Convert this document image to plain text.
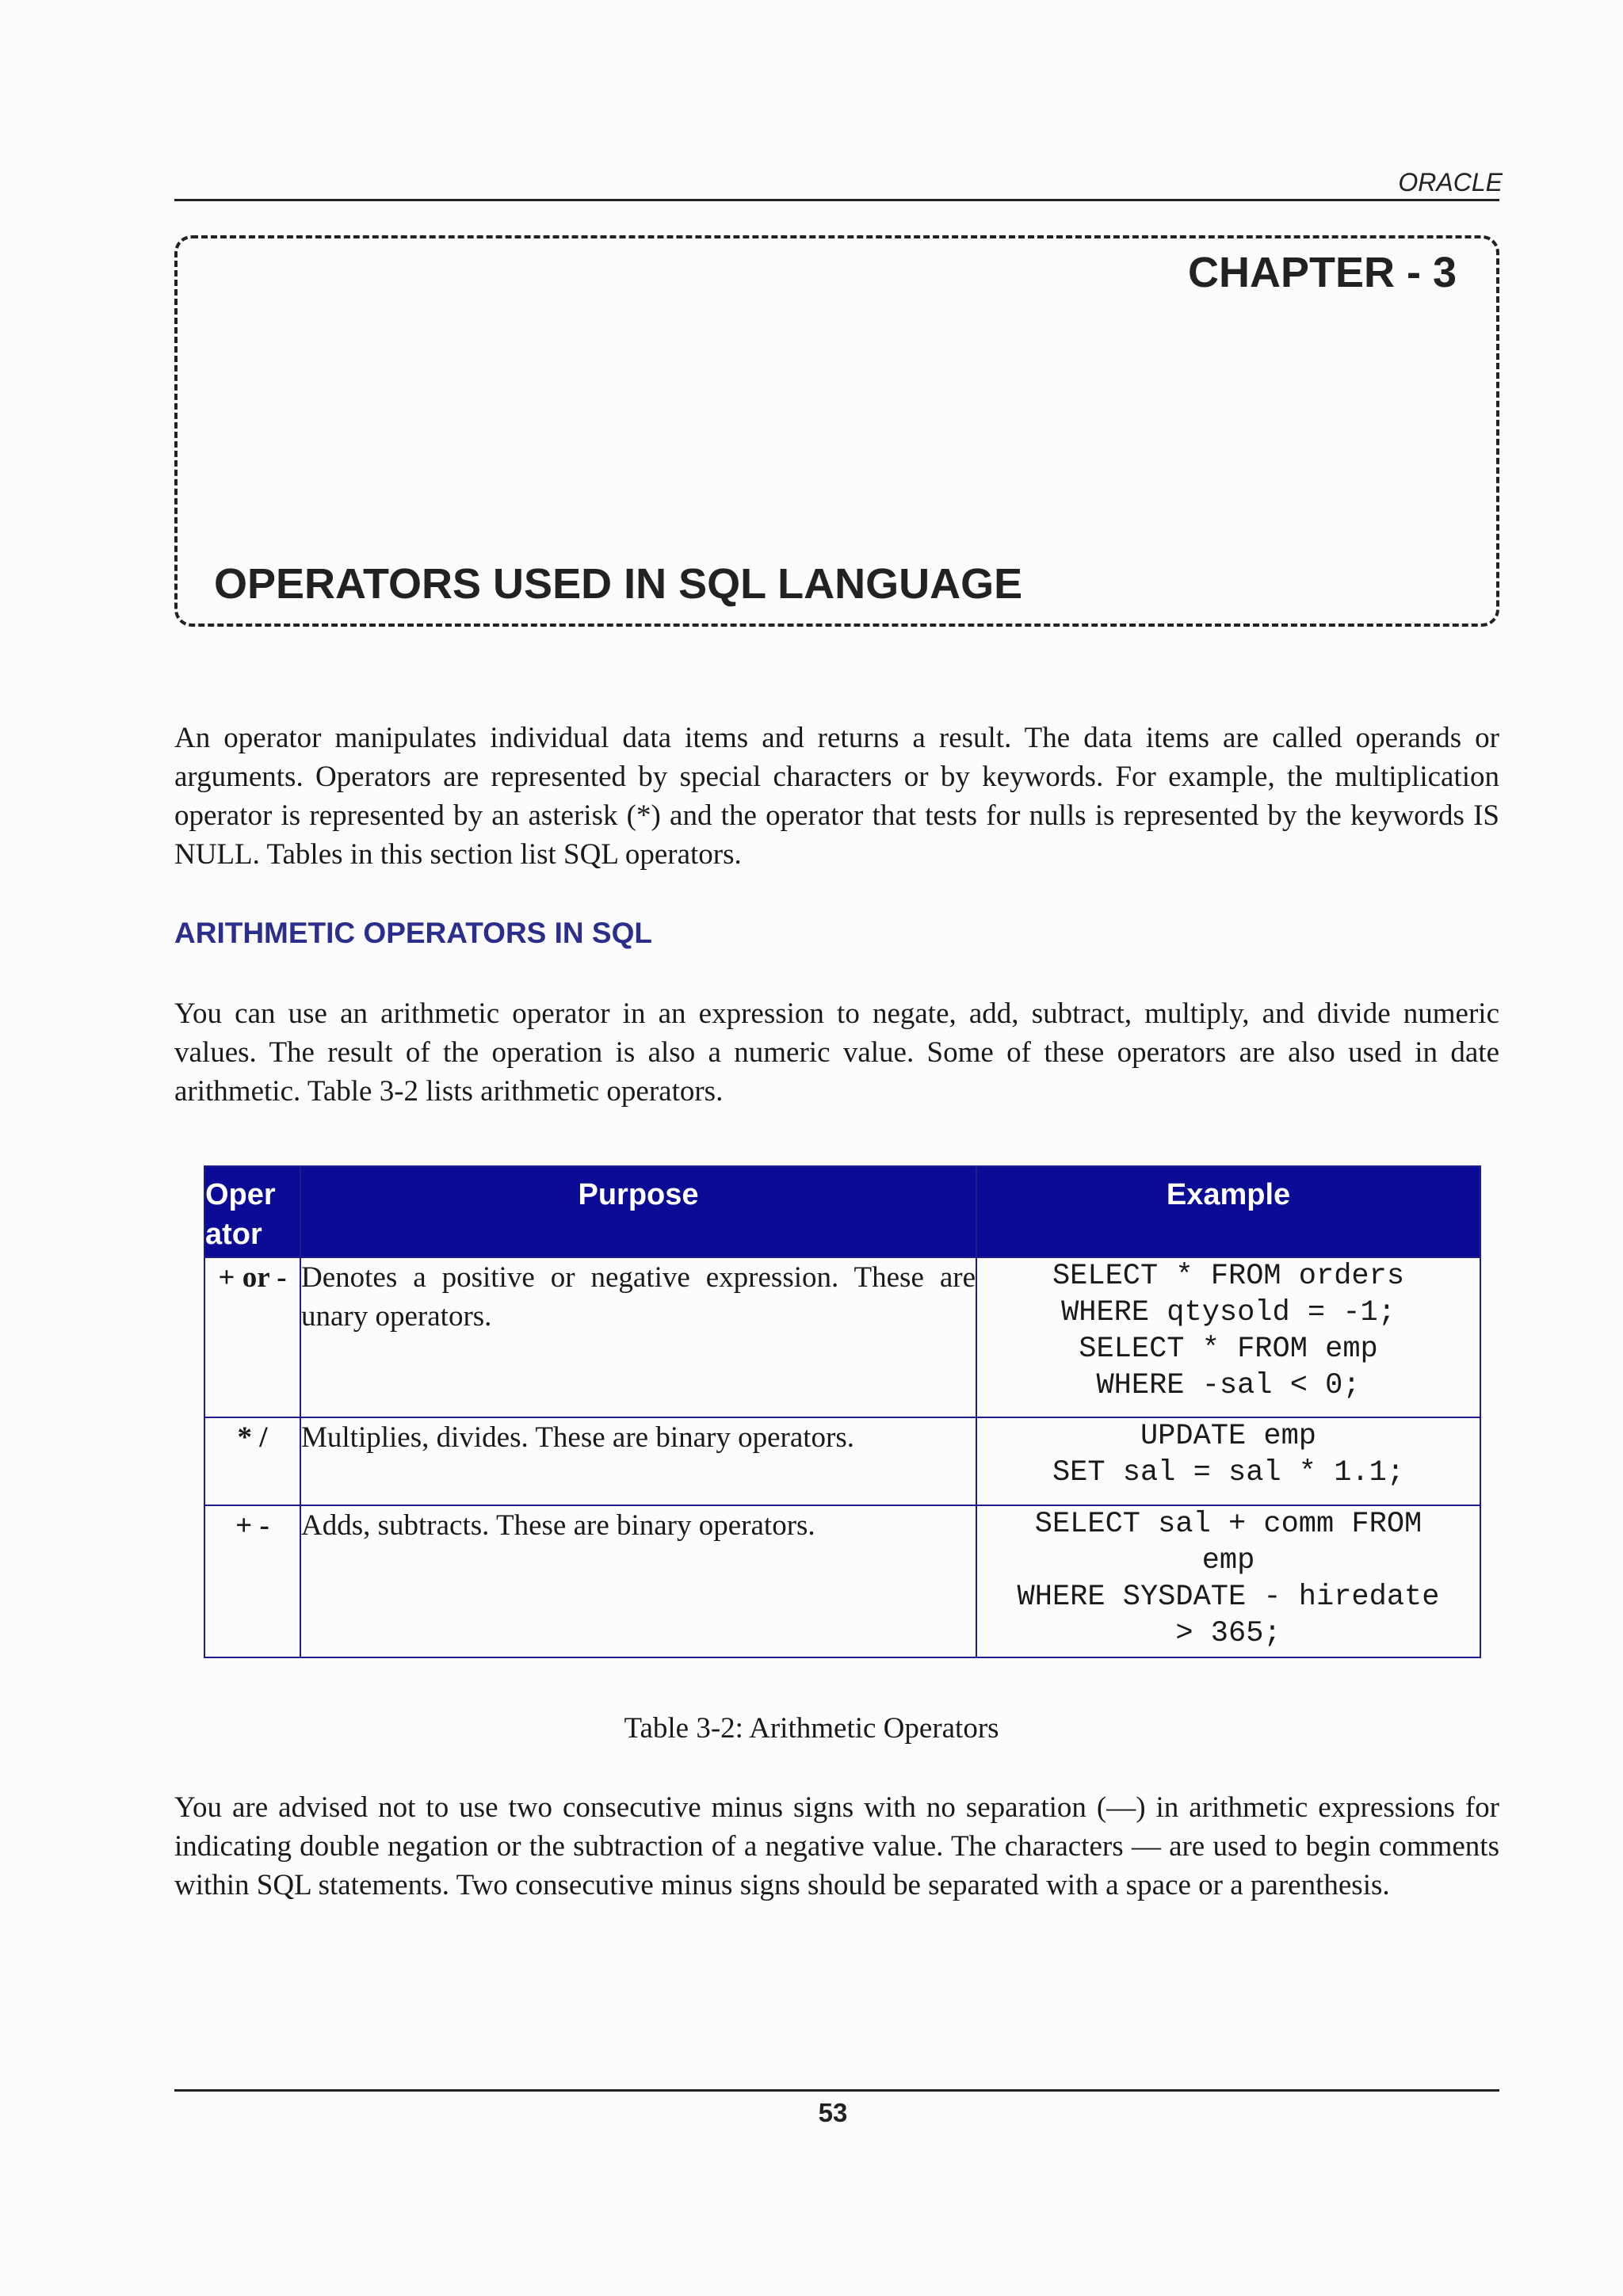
ORACLE
CHAPTER - 3
OPERATORS USED IN SQL LANGUAGE

An operator manipulates individual data items and returns a result. The data items are called operands or arguments. Operators are represented by special characters or by keywords. For example, the multiplication operator is represented by an asterisk (*) and the operator that tests for nulls is represented by the keywords IS NULL. Tables in this section list SQL operators.

ARITHMETIC OPERATORS IN SQL

You can use an arithmetic operator in an expression to negate, add, subtract, multiply, and divide numeric values. The result of the operation is also a numeric value. Some of these operators are also used in date arithmetic. Table 3-2 lists arithmetic operators.

Oper ator	Purpose	Example
+ or -	Denotes a positive or negative expression. These are unary operators.	SELECT * FROM orders
WHERE qtysold = -1;
SELECT * FROM emp
WHERE -sal < 0;
* /	Multiplies, divides. These are binary operators.	UPDATE emp
SET sal = sal * 1.1;
+ -	Adds, subtracts. These are binary operators.	SELECT sal + comm FROM
emp
WHERE SYSDATE - hiredate
> 365;
Table 3-2: Arithmetic Operators

You are advised not to use two consecutive minus signs with no separation (—) in arithmetic expressions for indicating double negation or the subtraction of a negative value. The characters — are used to begin comments within SQL statements. Two consecutive minus signs should be separated with a space or a parenthesis.

53
